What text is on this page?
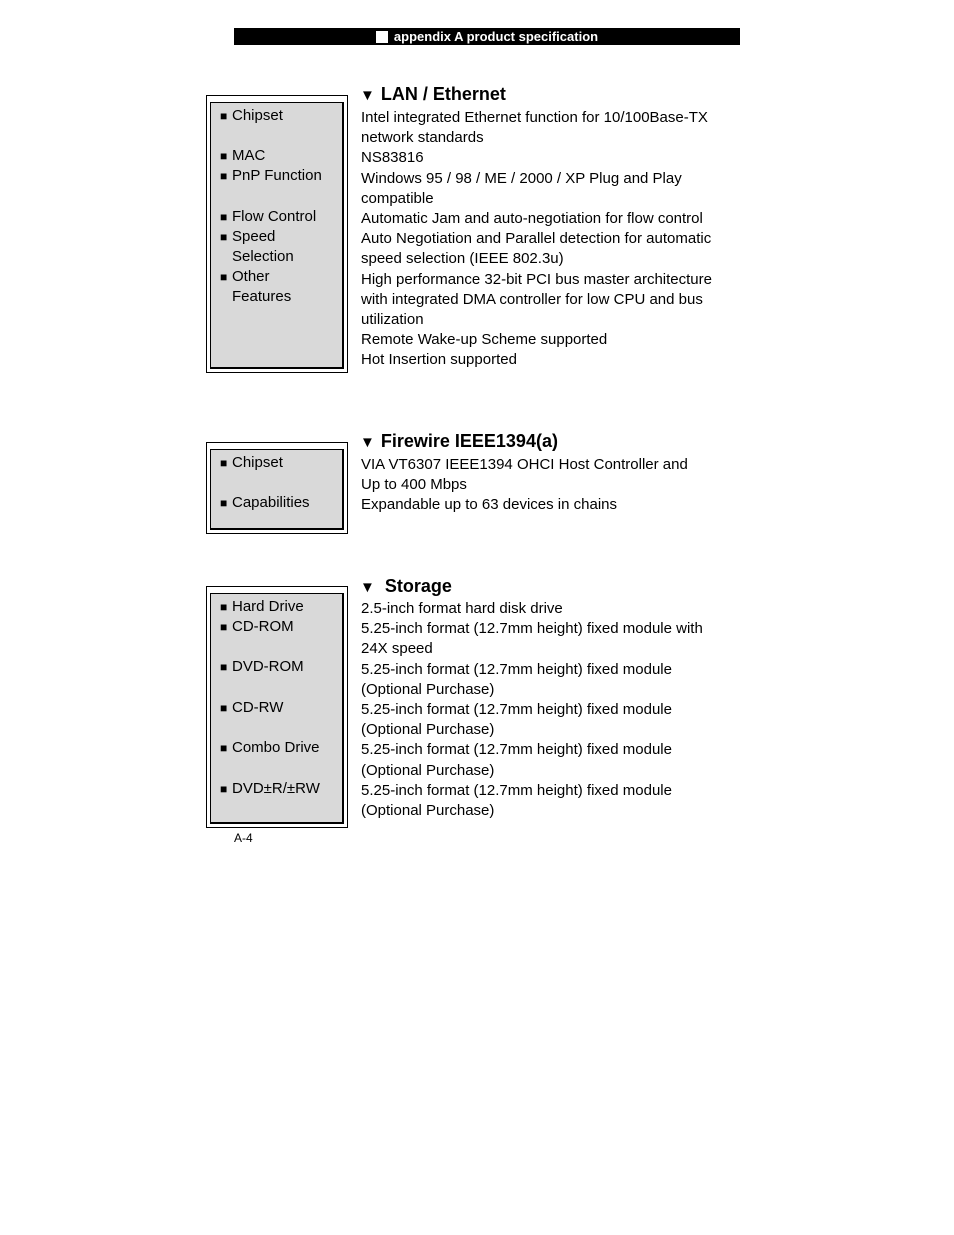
appendix A product specification
■ Chipset
■ MAC
■ PnP Function
■ Flow Control
■ Speed
Selection
■ Other
Features
▼ LAN / Ethernet
Intel integrated Ethernet function for 10/100Base-TX
network standards
NS83816
Windows 95 / 98 / ME / 2000 / XP Plug and Play
compatible
Automatic Jam and auto-negotiation for flow control
Auto Negotiation and Parallel detection for automatic
speed selection (IEEE 802.3u)
High performance 32-bit PCI bus master architecture
with integrated DMA controller for low CPU and bus
utilization
Remote Wake-up Scheme supported
Hot Insertion supported
■ Chipset
■ Capabilities
▼ Firewire IEEE1394(a)
VIA VT6307 IEEE1394 OHCI Host Controller and
Up to 400 Mbps
Expandable up to 63 devices in chains
■ Hard Drive
■ CD-ROM
■ DVD-ROM
■ CD-RW
■ Combo Drive
■ DVD±R/±RW
▼ Storage
2.5-inch format hard disk drive
5.25-inch format (12.7mm height) fixed module with
24X speed
5.25-inch format (12.7mm height) fixed module
(Optional Purchase)
5.25-inch format (12.7mm height) fixed module
(Optional Purchase)
5.25-inch format (12.7mm height) fixed module
(Optional Purchase)
5.25-inch format (12.7mm height) fixed module
(Optional Purchase)
A-4
